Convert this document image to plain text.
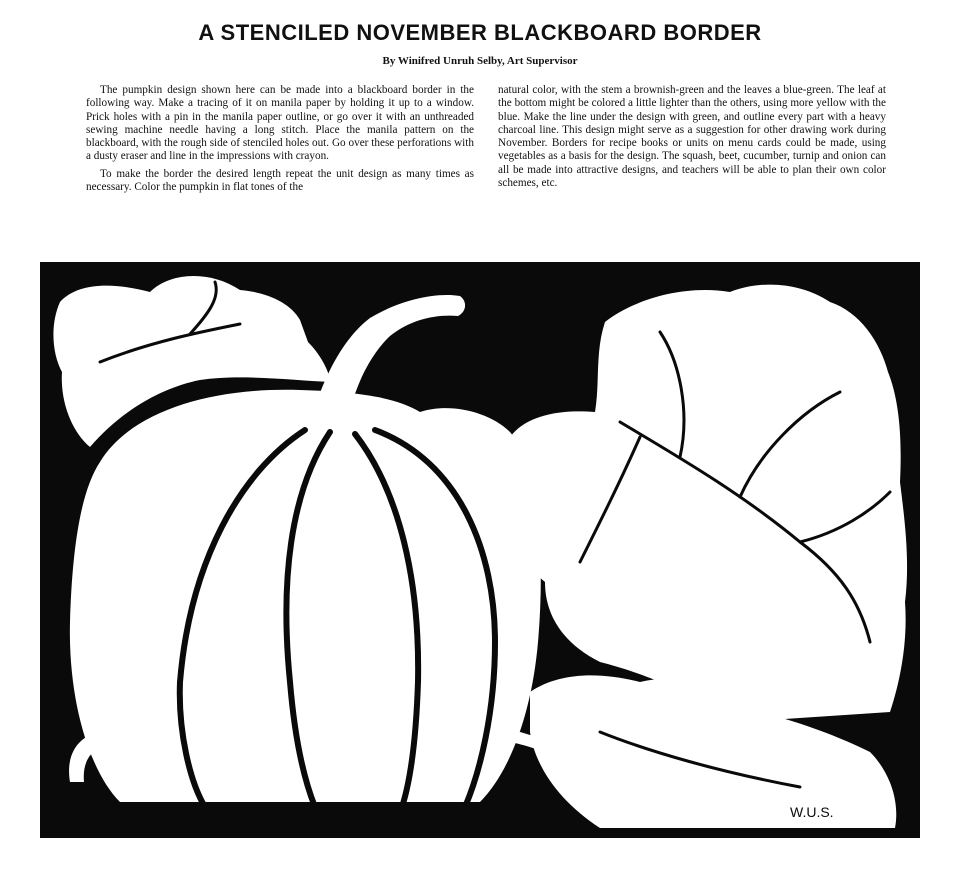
A STENCILED NOVEMBER BLACKBOARD BORDER

By Winifred Unruh Selby, Art Supervisor

The pumpkin design shown here can be made into a blackboard border in the following way. Make a tracing of it on manila paper by holding it up to a window. Prick holes with a pin in the manila paper outline, or go over it with an unthreaded sewing machine needle having a long stitch. Place the manila pattern on the blackboard, with the rough side of stenciled holes out. Go over these perforations with a dusty eraser and line in the impressions with crayon.

To make the border the desired length repeat the unit design as many times as necessary. Color the pumpkin in flat tones of the

natural color, with the stem a brownish-green and the leaves a blue-green. The leaf at the bottom might be colored a little lighter than the others, using more yellow with the blue. Make the line under the design with green, and outline every part with a heavy charcoal line. This design might serve as a suggestion for other drawing work during November. Borders for recipe books or units on menu cards could be made, using vegetables as a basis for the design. The squash, beet, cucumber, turnip and onion can all be made into attractive designs, and teachers will be able to plan their own color schemes, etc.

W.U.S.
